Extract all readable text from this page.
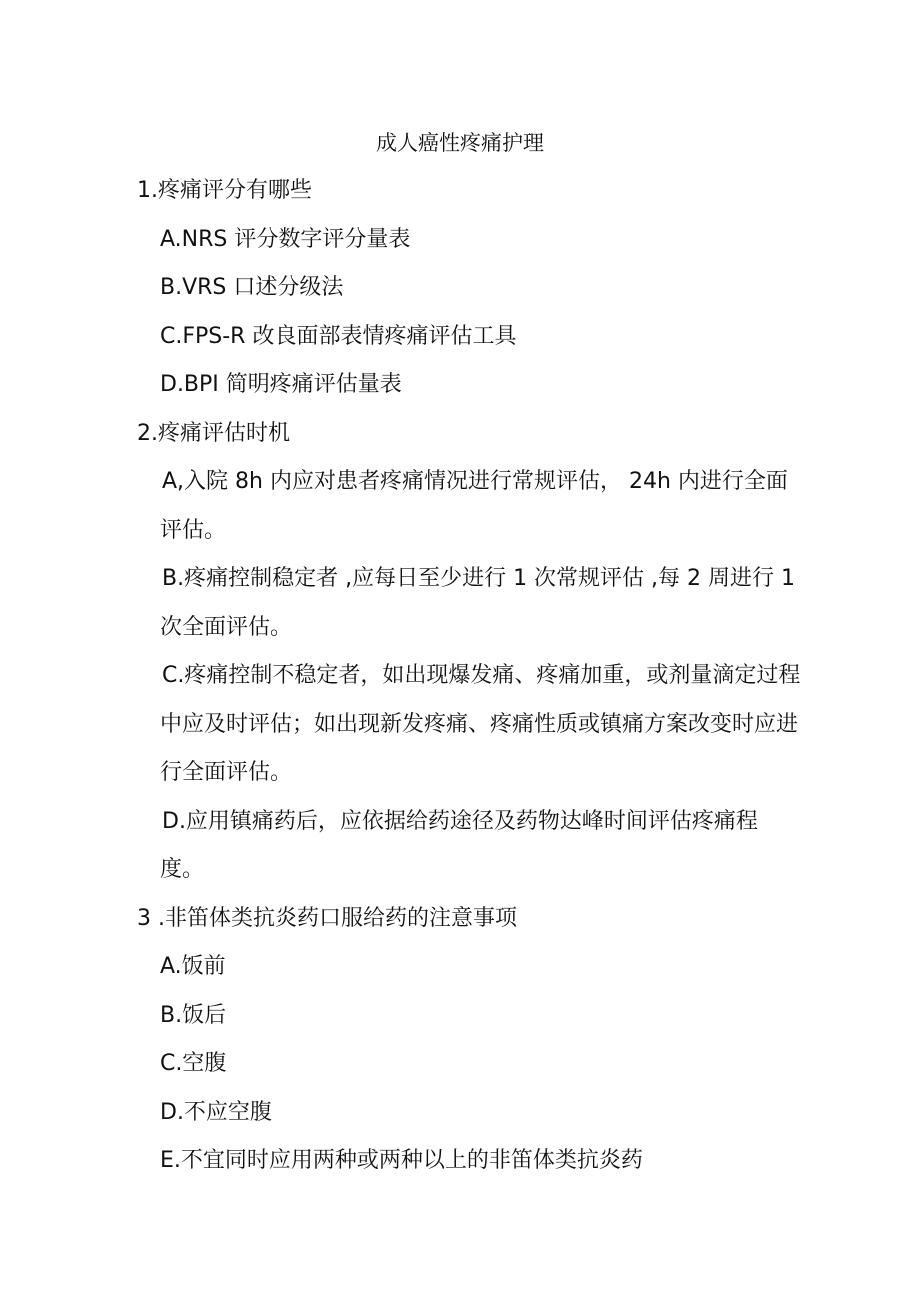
成人癌性疼痛护理
1.疼痛评分有哪些
A.NRS 评分数字评分量表
B.VRS 口述分级法
C.FPS-R 改良面部表情疼痛评估工具
D.BPI 简明疼痛评估量表
2.疼痛评估时机
A,入院 8h 内应对患者疼痛情况进行常规评估， 24h 内进行全面
评估。
B.疼痛控制稳定者 ,应每日至少进行 1 次常规评估 ,每 2 周进行 1
次全面评估。
C.疼痛控制不稳定者，如出现爆发痛、疼痛加重，或剂量滴定过程
中应及时评估；如出现新发疼痛、疼痛性质或镇痛方案改变时应进
行全面评估。
D.应用镇痛药后，应依据给药途径及药物达峰时间评估疼痛程
度。
3 .非笛体类抗炎药口服给药的注意事项
A.饭前
B.饭后
C.空腹
D.不应空腹
E.不宜同时应用两种或两种以上的非笛体类抗炎药
